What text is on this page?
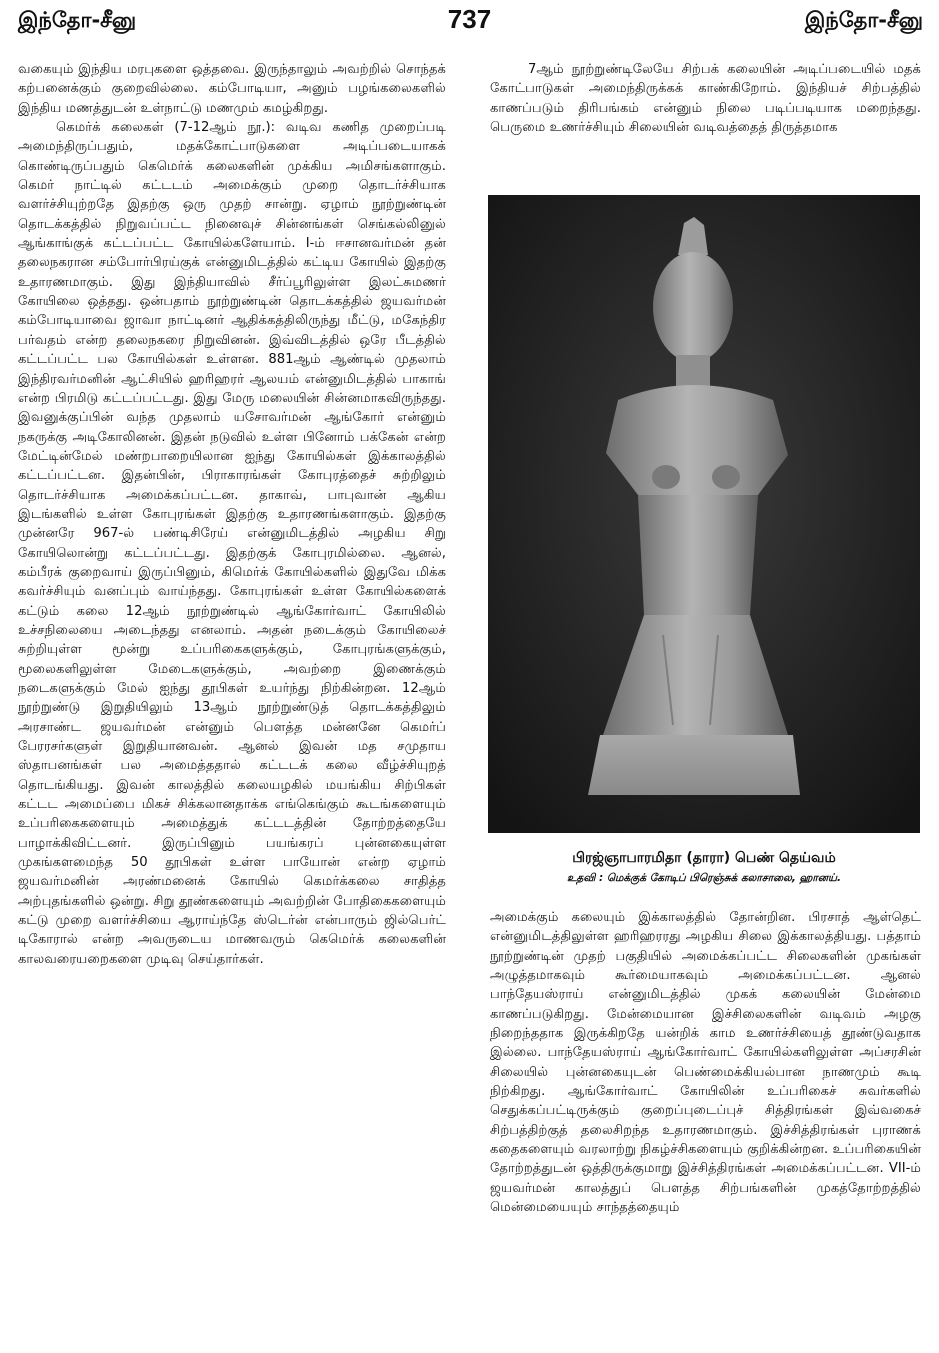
இந்தோ-சீனு	737	இந்தோ-சீனு

வகையும் இந்திய மரபுகளை ஒத்தவை. இருந்தாலும் அவற்றில் சொந்தக் கற்பனைக்கும் குறைவில்லை. கம்போடியா, அனும் பழங்கலைகளில் இந்திய மணத்துடன் உள்நாட்டு மணமும் கமழ்கிறது.

கெமர்க் கலைகள் (7-12ஆம் நூ.): வடிவ கணித முறைப்படி அமைந்திருப்பதும், மதக்கோட்பாடுகளை அடிப்படையாகக் கொண்டிருப்பதும் கெமெர்க் கலைகளின் முக்கிய அமிசங்களாகும். கெமர் நாட்டில் கட்டடம் அமைக்கும் முறை தொடர்ச்சியாக வளர்ச்சியுற்றதே இதற்கு ஒரு முதற் சான்று. ஏழாம் நூற்றுண்டின் தொடக்கத்தில் நிறுவப்பட்ட நினைவுச் சின்னங்கள் செங்கல்லினுல் ஆங்காங்குக் கட்டப்பட்ட கோயில்களேயாம். I-ம் ஈசானவர்மன் தன் தலைநகரான சம்போர்பிரய்குக் என்னுமிடத்தில் கட்டிய கோயில் இதற்கு உதாரணமாகும். இது இந்தியாவில் சீர்ப்பூரிலுள்ள இலட்சுமணர் கோயிலை ஒத்தது. ஒன்பதாம் நூற்றுண்டின் தொடக்கத்தில் ஜயவர்மன் கம்போடியாவை ஜாவா நாட்டினர் ஆதிக்கத்திலிருந்து மீட்டு, மகேந்திர பர்வதம் என்ற தலைநகரை நிறுவினன். இவ்விடத்தில் ஒரே பீடத்தில் கட்டப்பட்ட பல கோயில்கள் உள்ளன. 881ஆம் ஆண்டில் முதலாம் இந்திரவர்மனின் ஆட்சியில் ஹரிஹரர் ஆலயம் என்னுமிடத்தில் பாகாங் என்ற பிரமிடு கட்டப்பட்டது. இது மேரு மலையின் சின்னமாகவிருந்தது. இவனுக்குப்பின் வந்த முதலாம் யசோவர்மன் ஆங்கோர் என்னும் நகருக்கு அடிகோலினன். இதன் நடுவில் உள்ள பினோம் பக்கேன் என்ற மேட்டின்மேல் மண்றபாறையிலான ஐந்து கோயில்கள் இக்காலத்தில் கட்டப்பட்டன. இதன்பின், பிராகாரங்கள் கோபுரத்தைச் சுற்றிலும் தொடர்ச்சியாக அமைக்கப்பட்டன. தாகாவ், பாபுவான் ஆகிய இடங்களில் உள்ள கோபுரங்கள் இதற்கு உதாரணங்களாகும். இதற்கு முன்னரே 967-ல் பண்டிசிரேய் என்னுமிடத்தில் அழகிய சிறு கோயிலொன்று கட்டப்பட்டது. இதற்குக் கோபுரமில்லை. ஆனல், கம்பீரக் குறைவாய் இருப்பினும், கிமெர்க் கோயில்களில் இதுவே மிக்க கவர்ச்சியும் வனப்பும் வாய்ந்தது. கோபுரங்கள் உள்ள கோயில்களைக் கட்டும் கலை 12ஆம் நூற்றுண்டில் ஆங்கோர்வாட் கோயிலில் உச்சநிலையை அடைந்தது எனலாம். அதன் நடைக்கும் கோயிலைச் சுற்றியுள்ள மூன்று உப்பரிகைகளுக்கும், கோபுரங்களுக்கும், மூலைகளிலுள்ள மேடைகளுக்கும், அவற்றை இணைக்கும் நடைகளுக்கும் மேல் ஐந்து தூபிகள் உயர்ந்து நிற்கின்றன. 12ஆம் நூற்றுண்டு இறுதியிலும் 13ஆம் நூற்றுண்டுத் தொடக்கத்திலும் அரசாண்ட ஜயவர்மன் என்னும் பௌத்த மன்னனே கெமர்ப் பேரரசர்களுள் இறுதியானவன். ஆனல் இவன் மத சமுதாய ஸ்தாபனங்கள் பல அமைத்ததால் கட்டடக் கலை வீழ்ச்சியுறத் தொடங்கியது. இவன் காலத்தில் கலையழகில் மயங்கிய சிற்பிகள் கட்டட அமைப்பை மிகச் சிக்கலானதாக்க எங்கெங்கும் கூடங்களையும் உப்பரிகைகளையும் அமைத்துக் கட்டடத்தின் தோற்றத்தையே பாழாக்கிவிட்டனர். இருப்பினும் பயங்கரப் புன்னகையுள்ள முகங்களமைந்த 50 தூபிகள் உள்ள பாயோன் என்ற ஏழாம் ஜயவர்மனின் அரண்மனைக் கோயில் கெமர்க்கலை சாதித்த அற்புதங்களில் ஒன்று. சிறு தூண்களையும் அவற்றின் போதிகைகளையும் கட்டு முறை வளர்ச்சியை ஆராய்ந்தே ஸ்டெர்ன் என்பாரும் ஜில்பெர்ட் டிகோரால் என்ற அவருடைய மாணவரும் கெமெர்க் கலைகளின் காலவரையறைகளை முடிவு செய்தார்கள்.

7ஆம் நூற்றுண்டிலேயே சிற்பக் கலையின் அடிப்படையில் மதக் கோட்பாடுகள் அமைந்திருக்கக் காண்கிறோம். இந்தியச் சிற்பத்தில் காணப்படும் திரிபங்கம் என்னும் நிலை படிப்படியாக மறைந்தது. பெருமை உணர்ச்சியும் சிலையின் வடிவத்தைத் திருத்தமாக

பிரஜ்ஞாபாரமிதா (தாரா) பெண் தெய்வம்
உதவி : மெக்குக் கோடிப் பிரெஞ்சுக் கலாசாலை, ஹானய்.

அமைக்கும் கலையும் இக்காலத்தில் தோன்றின. பிரசாத் ஆள்தெட் என்னுமிடத்திலுள்ள ஹரிஹரரது அழகிய சிலை இக்காலத்தியது. பத்தாம் நூற்றுண்டின் முதற் பகுதியில் அமைக்கப்பட்ட சிலைகளின் முகங்கள் அழுத்தமாகவும் கூர்மையாகவும் அமைக்கப்பட்டன. ஆனல் பாந்தேயஸ்ராய் என்னுமிடத்தில் முகக் கலையின் மேன்மை காணப்படுகிறது. மேன்மையான இச்சிலைகளின் வடிவம் அழகு நிறைந்ததாக இருக்கிறதே யன்றிக் காம உணர்ச்சியைத் தூண்டுவதாக இல்லை. பாந்தேயஸ்ராய் ஆங்கோர்வாட் கோயில்களிலுள்ள அப்சரசின் சிலையில் புன்னகையுடன் பெண்மைக்கியல்பான நாணமும் கூடி நிற்கிறது. ஆங்கோர்வாட் கோயிலின் உப்பரிகைச் சுவர்களில் செதுக்கப்பட்டிருக்கும் குறைப்புடைப்புச் சித்திரங்கள் இவ்வகைச் சிற்பத்திற்குத் தலைசிறந்த உதாரணமாகும். இச்சித்திரங்கள் புராணக் கதைகளையும் வரலாற்று நிகழ்ச்சிகளையும் குறிக்கின்றன. உப்பரிகையின் தோற்றத்துடன் ஒத்திருக்குமாறு இச்சித்திரங்கள் அமைக்கப்பட்டன. VII-ம் ஜயவர்மன் காலத்துப் பௌத்த சிற்பங்களின் முகத்தோற்றத்தில் மென்மையையும் சாந்தத்தையும்
